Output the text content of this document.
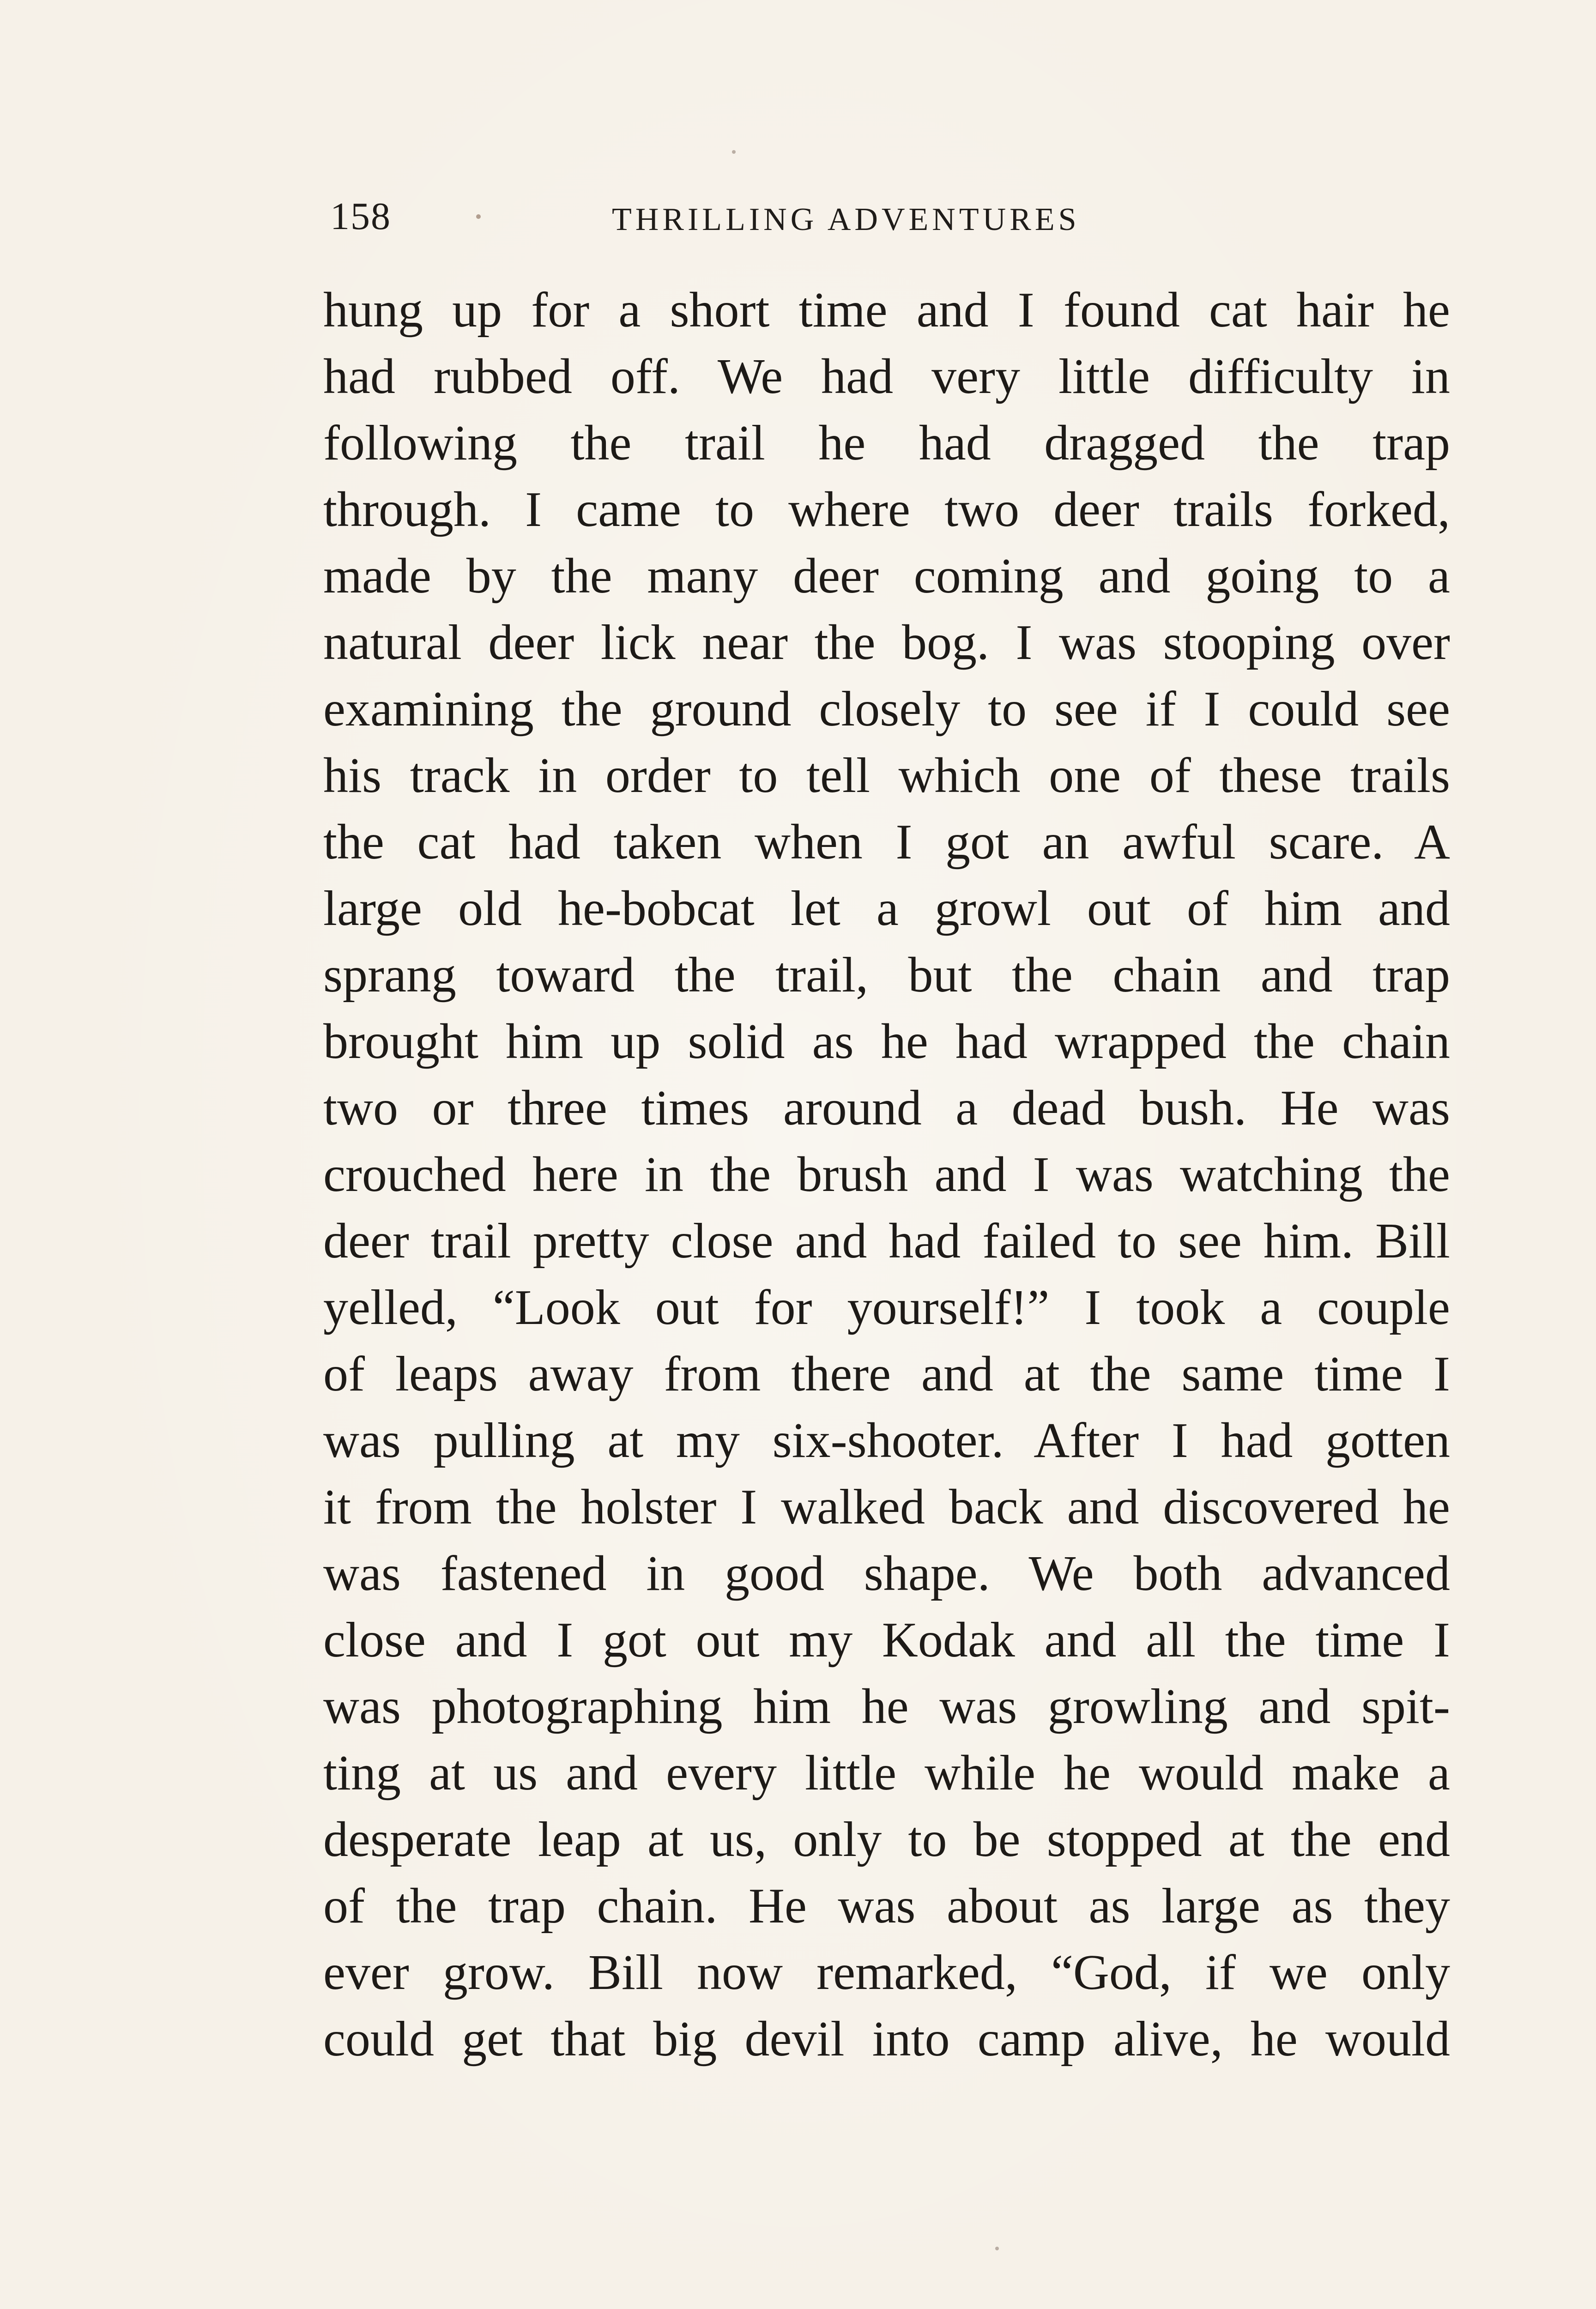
158	THRILLING ADVENTURES
hung up for a short time and I found cat hair he
had rubbed off. We had very little difficulty in
following the trail he had dragged the trap
through. I came to where two deer trails forked,
made by the many deer coming and going to a
natural deer lick near the bog. I was stooping over
examining the ground closely to see if I could see
his track in order to tell which one of these trails
the cat had taken when I got an awful scare. A
large old he-bobcat let a growl out of him and
sprang toward the trail, but the chain and trap
brought him up solid as he had wrapped the chain
two or three times around a dead bush. He was
crouched here in the brush and I was watching the
deer trail pretty close and had failed to see him. Bill
yelled, “Look out for yourself!” I took a couple
of leaps away from there and at the same time I
was pulling at my six-shooter. After I had gotten
it from the holster I walked back and discovered he
was fastened in good shape. We both advanced
close and I got out my Kodak and all the time I
was photographing him he was growling and spit-
ting at us and every little while he would make a
desperate leap at us, only to be stopped at the end
of the trap chain. He was about as large as they
ever grow. Bill now remarked, “God, if we only
could get that big devil into camp alive, he would
